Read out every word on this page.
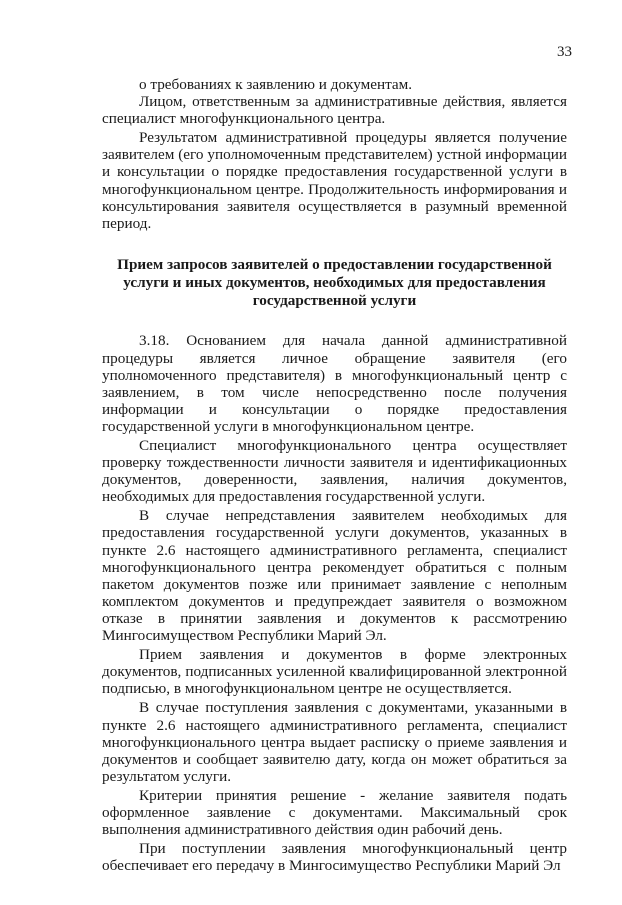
33

о требованиях к заявлению и документам.

Лицом, ответственным за административные действия, является специалист многофункционального центра.

Результатом административной процедуры является получение заявителем (его уполномоченным представителем) устной информации и консультации о порядке предоставления государственной услуги в многофункциональном центре. Продолжительность информирования и консультирования заявителя осуществляется в разумный временной период.

Прием запросов заявителей о предоставлении государственной
услуги и иных документов, необходимых для предоставления
государственной услуги

3.18. Основанием для начала данной административной процедуры является личное обращение заявителя (его уполномоченного представителя) в многофункциональный центр с заявлением, в том числе непосредственно после получения информации и консультации о порядке предоставления государственной услуги в многофункциональном центре.

Специалист многофункционального центра осуществляет проверку тождественности личности заявителя и идентификационных документов, доверенности, заявления, наличия документов, необходимых для предоставления государственной услуги.

В случае непредставления заявителем необходимых для предоставления государственной услуги документов, указанных в пункте 2.6 настоящего административного регламента, специалист многофункционального центра рекомендует обратиться с полным пакетом документов позже или принимает заявление с неполным комплектом документов и предупреждает заявителя о возможном отказе в принятии заявления и документов к рассмотрению Мингосимуществом Республики Марий Эл.

Прием заявления и документов в форме электронных документов, подписанных усиленной квалифицированной электронной подписью, в многофункциональном центре не осуществляется.

В случае поступления заявления с документами, указанными в пункте 2.6 настоящего административного регламента, специалист многофункционального центра выдает расписку о приеме заявления и документов и сообщает заявителю дату, когда он может обратиться за результатом услуги.

Критерии принятия решение - желание заявителя подать оформленное заявление с документами. Максимальный срок выполнения административного действия один рабочий день.

При поступлении заявления многофункциональный центр обеспечивает его передачу в Мингосимущество Республики Марий Эл
